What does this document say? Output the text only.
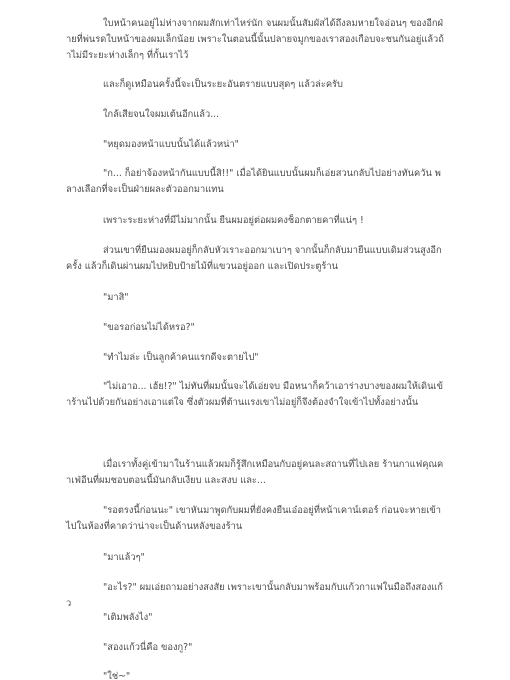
ใบหน้าคนอยู่ไม่ห่างจากผมสักเท่าไหร่นัก จนผมนั้นสัมผัสได้ถึงลมหายใจอ่อนๆ ของอีกฝ่ายที่พ่นรดใบหน้าของผมเล็กน้อย เพราะในตอนนี้นั้นปลายจมูกของเราสองเกือบจะชนกันอยู่แล้วถ้าไม่มีระยะห่างเล็กๆ ที่กั้นเราไว้

และก็ดูเหมือนครั้งนี้จะเป็นระยะอันตรายแบบสุดๆ แล้วล่ะครับ

ใกล้เสียจนใจผมเต้นอีกแล้ว...

"หยุดมองหน้าแบบนั้นได้แล้วหน่า"

"ก... ก็อย่าจ้องหน้ากันแบบนี้สิ!!" เมื่อได้ยินแบบนั้นผมก็เอ่ยสวนกลับไปอย่างทันควัน พลางเลือกที่จะเป็นฝ่ายผละตัวออกมาแทน

เพราะระยะห่างที่มีไม่มากนั้น ยืนผมอยู่ต่อผมคงช็อกตายคาที่แน่ๆ !

ส่วนเขาที่ยืนมองผมอยู่ก็กลับหัวเราะออกมาเบาๆ จากนั้นก็กลับมายืนแบบเดิมส่วนสูงอีกครั้ง แล้วก็เดินผ่านผมไปหยิบป้ายไม้ที่แขวนอยู่ออก และเปิดประตูร้าน

"มาสิ"

"ขอรอก่อนไม่ได้หรอ?"

"ทำไมล่ะ เป็นลูกค้าคนแรกดีจะตายไป"

"ไม่เอาอ... เฮ้ย!?" ไม่ทันที่ผมนั้นจะได้เอ่ยจบ มือหนาก็คว้าเอาร่างบางของผมให้เดินเข้าร้านไปด้วยกันอย่างเอาแต่ใจ ซึ่งตัวผมที่ต้านแรงเขาไม่อยู่ก็จึงต้องจำใจเข้าไปทั้งอย่างนั้น

เมื่อเราทั้งคู่เข้ามาในร้านแล้วผมก็รู้สึกเหมือนกับอยู่คนละสถานที่ไปเลย ร้านกาแฟคุณคาเฟ่อีนที่ผมชอบตอนนี้มันกลับเงียบ และสงบ และ...

"รอตรงนี้ก่อนนะ" เขาหันมาพูดกับผมที่ยังคงยืนเอ๋ออยู่ที่หน้าเคาน์เตอร์ ก่อนจะหายเข้าไปในห้องที่คาดว่าน่าจะเป็นด้านหลังของร้าน

"มาแล้วๆ"

"อะไร?" ผมเอ่ยถามอย่างสงสัย เพราะเขานั้นกลับมาพร้อมกับแก้วกาแฟในมือถึงสองแก้ว

"เติมพลังไง"

"สองแก้วนี่คือ ของกู?"

"ใช่~"
